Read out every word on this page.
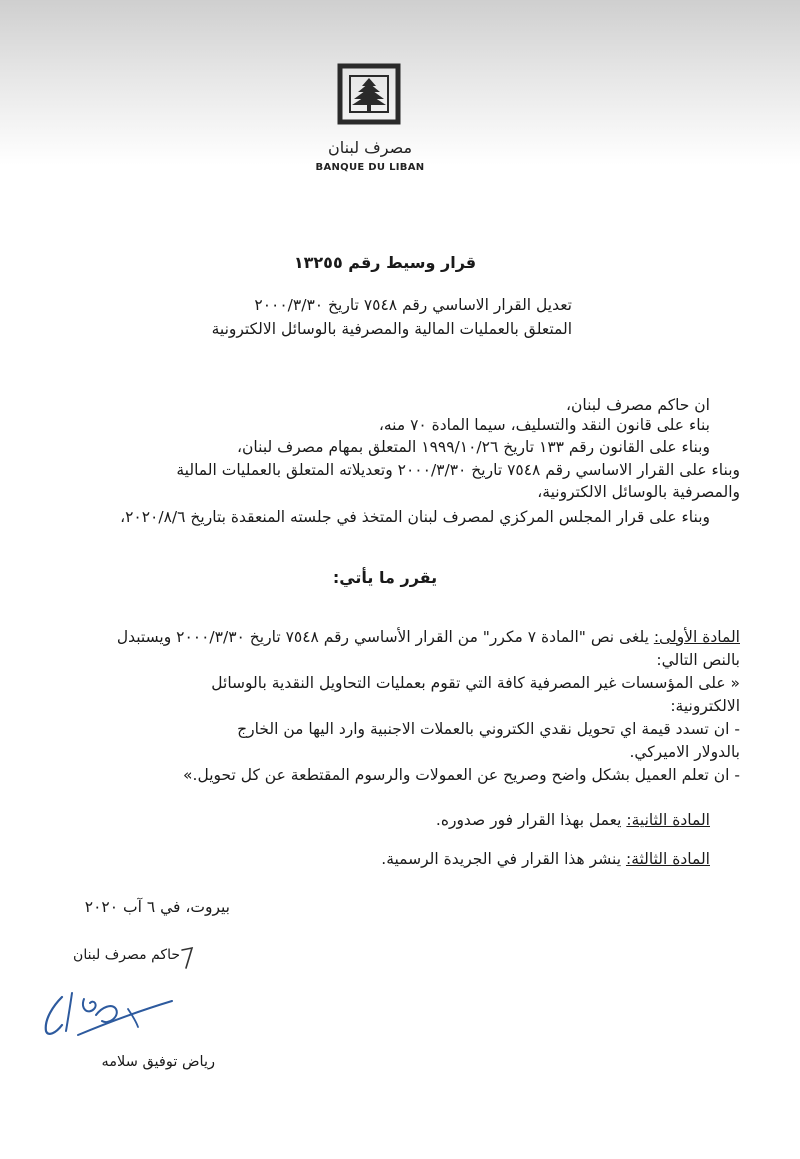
مصرف لبنان
BANQUE DU LIBAN
قرار وسيط رقم ١٣٢٥٥
تعديل القرار الاساسي رقم ٧٥٤٨ تاريخ ٢٠٠٠/٣/٣٠
المتعلق بالعمليات المالية والمصرفية بالوسائل الالكترونية
ان حاكم مصرف لبنان،
بناء على قانون النقد والتسليف، سيما المادة ٧٠ منه،
وبناء على القانون رقم ١٣٣ تاريخ ١٩٩٩/١٠/٢٦ المتعلق بمهام مصرف لبنان،
وبناء على القرار الاساسي رقم ٧٥٤٨ تاريخ ٢٠٠٠/٣/٣٠ وتعديلاته المتعلق بالعمليات المالية
والمصرفية بالوسائل الالكترونية،
وبناء على قرار المجلس المركزي لمصرف لبنان المتخذ في جلسته المنعقدة بتاريخ ٢٠٢٠/٨/٦،
يقرر ما يأتي:
المادة الأولى: يلغى نص "المادة ٧ مكرر" من القرار الأساسي رقم ٧٥٤٨ تاريخ ٢٠٠٠/٣/٣٠ ويستبدل
بالنص التالي:
« على المؤسسات غير المصرفية كافة التي تقوم بعمليات التحاويل النقدية بالوسائل
الالكترونية:
- ان تسدد قيمة اي تحويل نقدي الكتروني بالعملات الاجنبية وارد اليها من الخارج
بالدولار الاميركي.
- ان تعلم العميل بشكل واضح وصريح عن العمولات والرسوم المقتطعة عن كل تحويل.»
المادة الثانية: يعمل بهذا القرار فور صدوره.
المادة الثالثة: ينشر هذا القرار في الجريدة الرسمية.
بيروت، في ٦ آب ٢٠٢٠
حاكم مصرف لبنان
رياض توفيق سلامه
